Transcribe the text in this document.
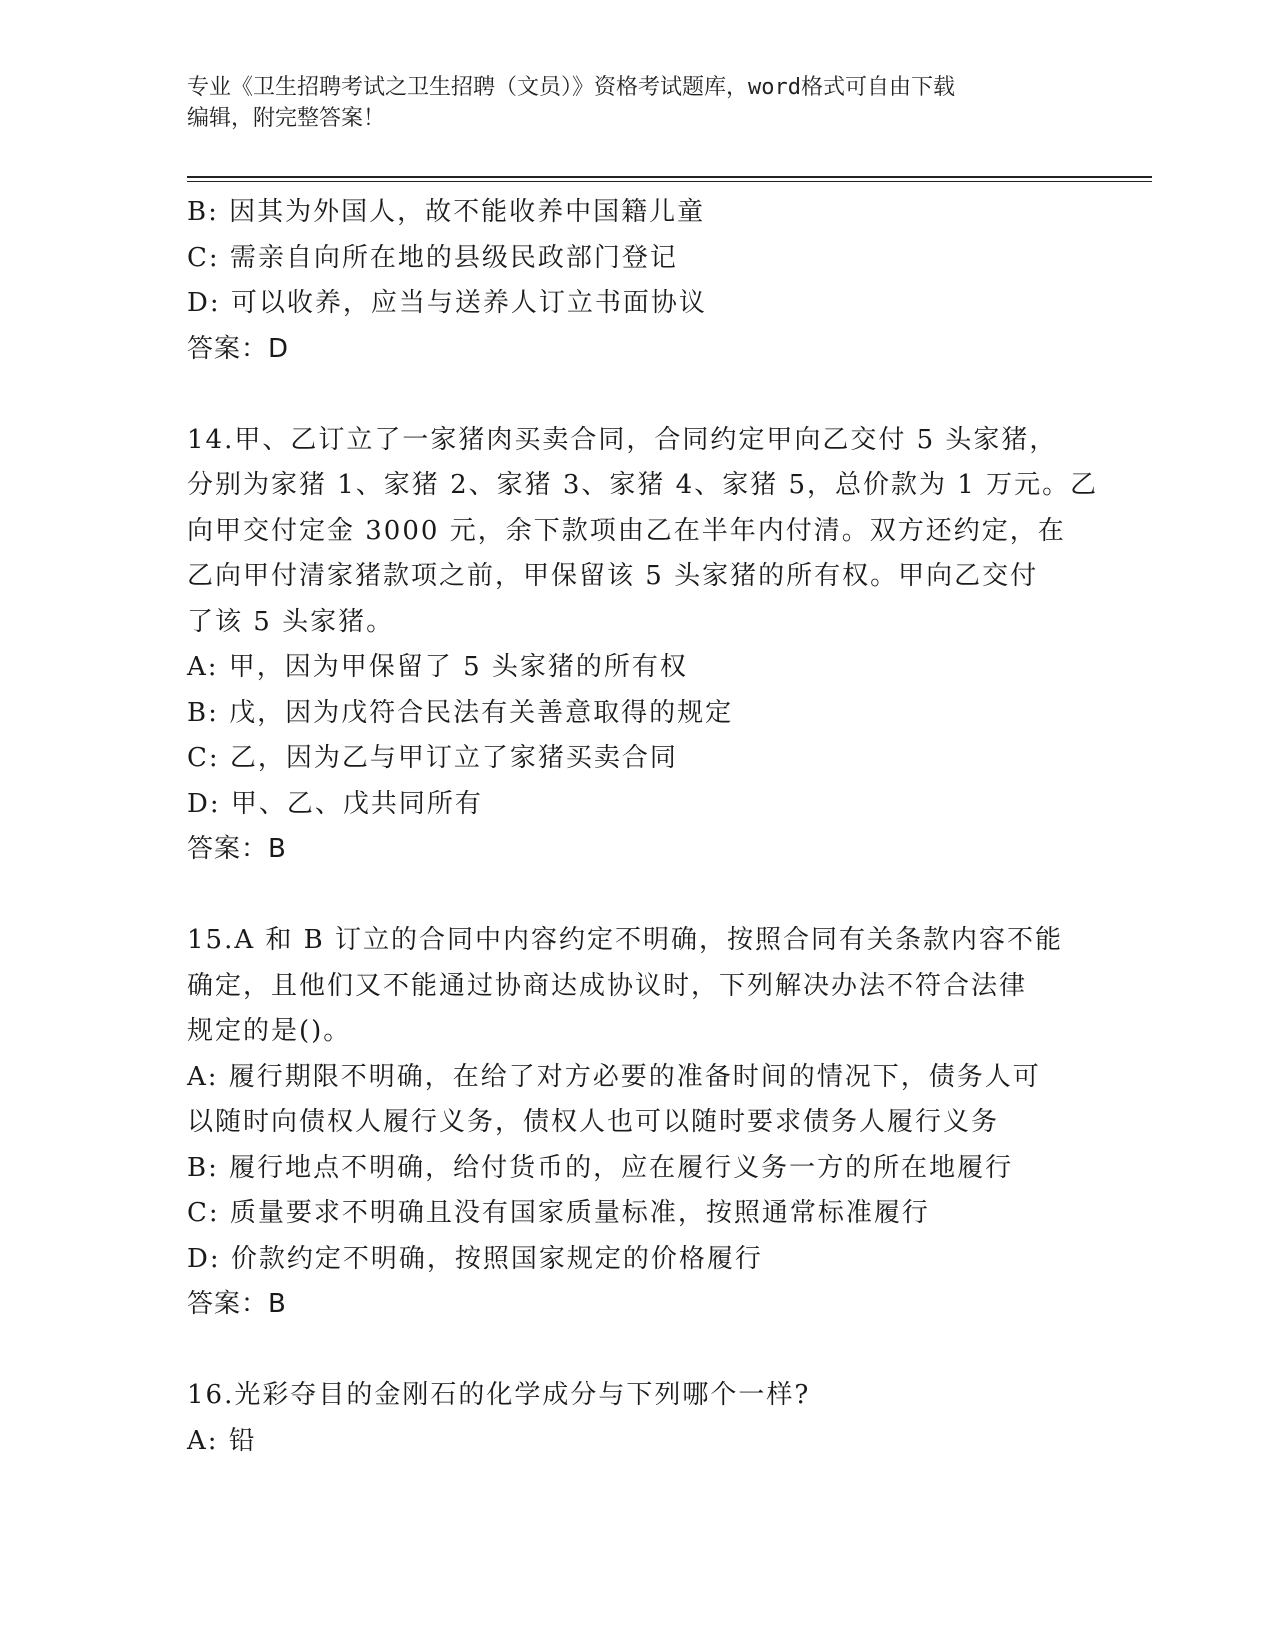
专业《卫生招聘考试之卫生招聘（文员）》资格考试题库，word格式可自由下载
编辑，附完整答案！
B: 因其为外国人，故不能收养中国籍儿童
C: 需亲自向所在地的县级民政部门登记
D: 可以收养，应当与送养人订立书面协议
答案：D
14.甲、乙订立了一家猪肉买卖合同，合同约定甲向乙交付 5 头家猪，
分别为家猪 1、家猪 2、家猪 3、家猪 4、家猪 5，总价款为 1 万元。乙
向甲交付定金 3000 元，余下款项由乙在半年内付清。双方还约定，在
乙向甲付清家猪款项之前，甲保留该 5 头家猪的所有权。甲向乙交付
了该 5 头家猪。
A: 甲，因为甲保留了 5 头家猪的所有权
B: 戊，因为戊符合民法有关善意取得的规定
C: 乙，因为乙与甲订立了家猪买卖合同
D: 甲、乙、戊共同所有
答案：B
15.A 和 B 订立的合同中内容约定不明确，按照合同有关条款内容不能
确定，且他们又不能通过协商达成协议时，下列解决办法不符合法律
规定的是()。
A: 履行期限不明确，在给了对方必要的准备时间的情况下，债务人可
以随时向债权人履行义务，债权人也可以随时要求债务人履行义务
B: 履行地点不明确，给付货币的，应在履行义务一方的所在地履行
C: 质量要求不明确且没有国家质量标准，按照通常标准履行
D: 价款约定不明确，按照国家规定的价格履行
答案：B
16.光彩夺目的金刚石的化学成分与下列哪个一样?
A: 铅
